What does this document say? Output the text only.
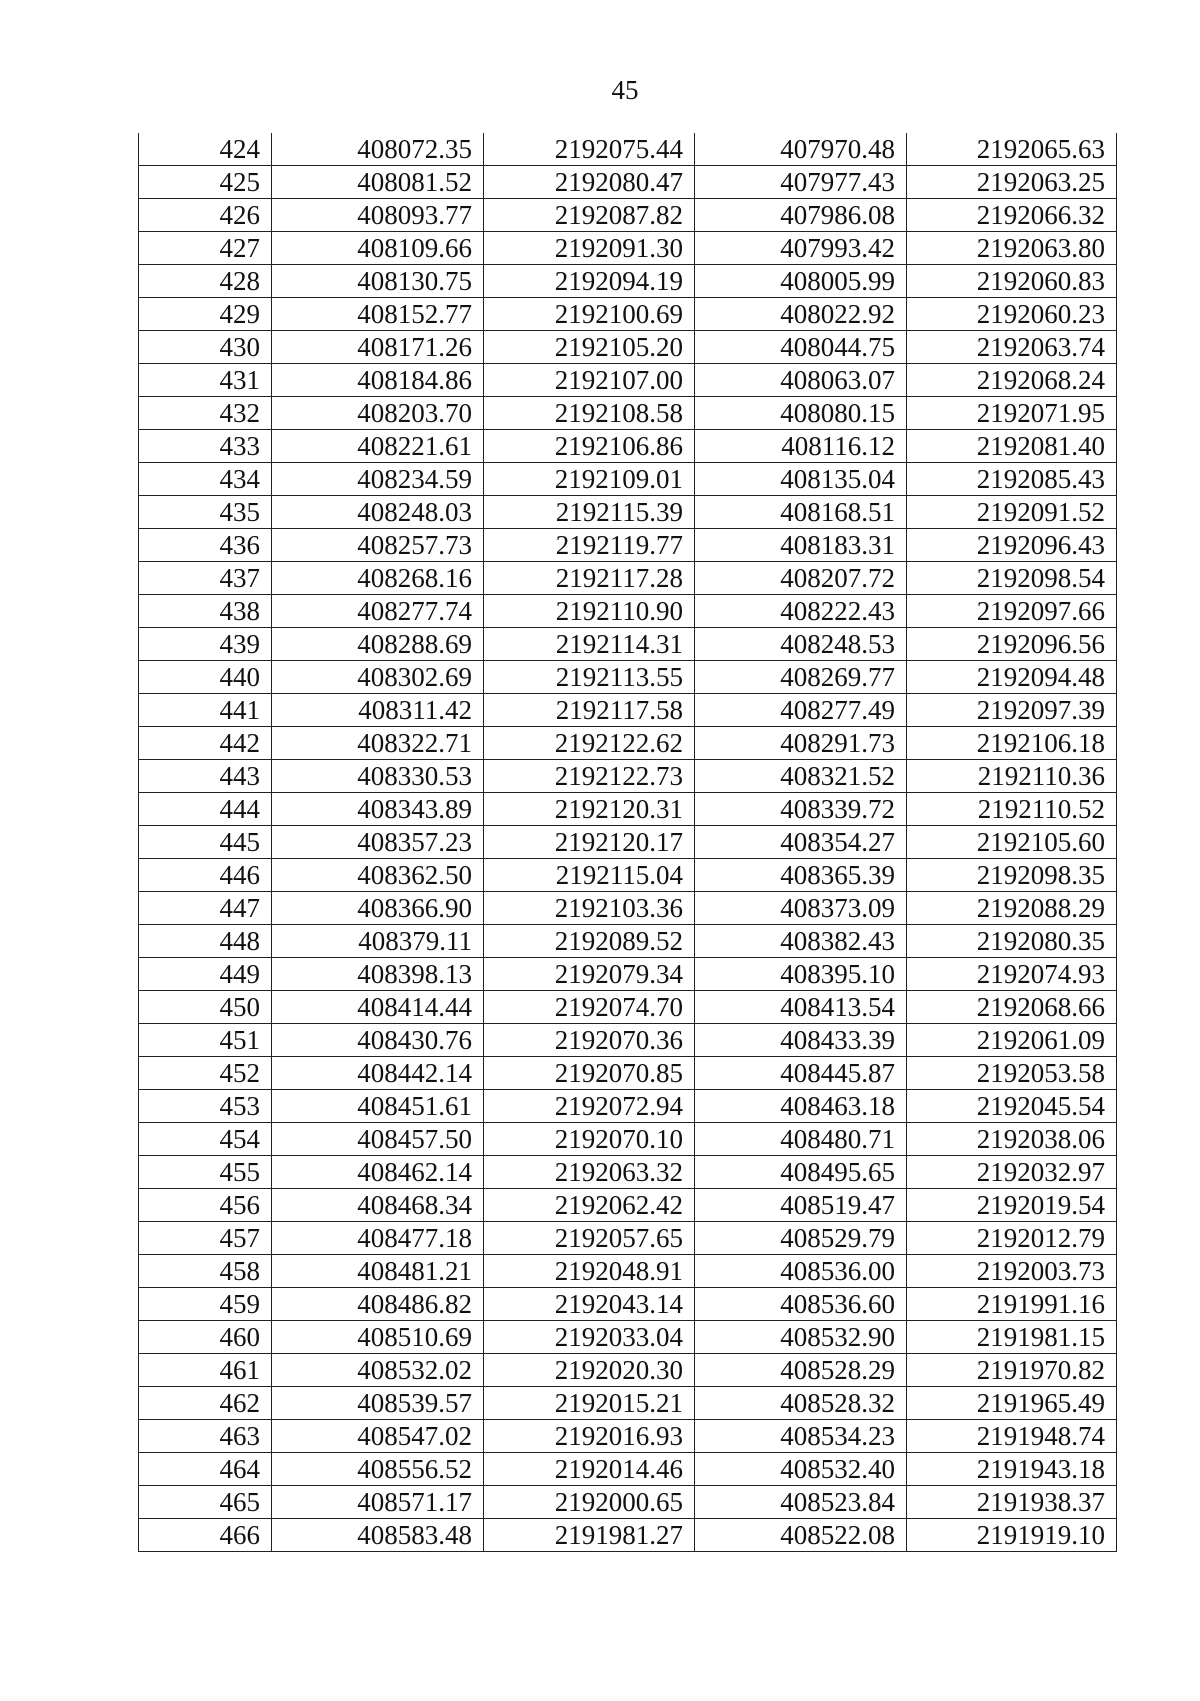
45
424	408072.35	2192075.44	407970.48	2192065.63
425	408081.52	2192080.47	407977.43	2192063.25
426	408093.77	2192087.82	407986.08	2192066.32
427	408109.66	2192091.30	407993.42	2192063.80
428	408130.75	2192094.19	408005.99	2192060.83
429	408152.77	2192100.69	408022.92	2192060.23
430	408171.26	2192105.20	408044.75	2192063.74
431	408184.86	2192107.00	408063.07	2192068.24
432	408203.70	2192108.58	408080.15	2192071.95
433	408221.61	2192106.86	408116.12	2192081.40
434	408234.59	2192109.01	408135.04	2192085.43
435	408248.03	2192115.39	408168.51	2192091.52
436	408257.73	2192119.77	408183.31	2192096.43
437	408268.16	2192117.28	408207.72	2192098.54
438	408277.74	2192110.90	408222.43	2192097.66
439	408288.69	2192114.31	408248.53	2192096.56
440	408302.69	2192113.55	408269.77	2192094.48
441	408311.42	2192117.58	408277.49	2192097.39
442	408322.71	2192122.62	408291.73	2192106.18
443	408330.53	2192122.73	408321.52	2192110.36
444	408343.89	2192120.31	408339.72	2192110.52
445	408357.23	2192120.17	408354.27	2192105.60
446	408362.50	2192115.04	408365.39	2192098.35
447	408366.90	2192103.36	408373.09	2192088.29
448	408379.11	2192089.52	408382.43	2192080.35
449	408398.13	2192079.34	408395.10	2192074.93
450	408414.44	2192074.70	408413.54	2192068.66
451	408430.76	2192070.36	408433.39	2192061.09
452	408442.14	2192070.85	408445.87	2192053.58
453	408451.61	2192072.94	408463.18	2192045.54
454	408457.50	2192070.10	408480.71	2192038.06
455	408462.14	2192063.32	408495.65	2192032.97
456	408468.34	2192062.42	408519.47	2192019.54
457	408477.18	2192057.65	408529.79	2192012.79
458	408481.21	2192048.91	408536.00	2192003.73
459	408486.82	2192043.14	408536.60	2191991.16
460	408510.69	2192033.04	408532.90	2191981.15
461	408532.02	2192020.30	408528.29	2191970.82
462	408539.57	2192015.21	408528.32	2191965.49
463	408547.02	2192016.93	408534.23	2191948.74
464	408556.52	2192014.46	408532.40	2191943.18
465	408571.17	2192000.65	408523.84	2191938.37
466	408583.48	2191981.27	408522.08	2191919.10
